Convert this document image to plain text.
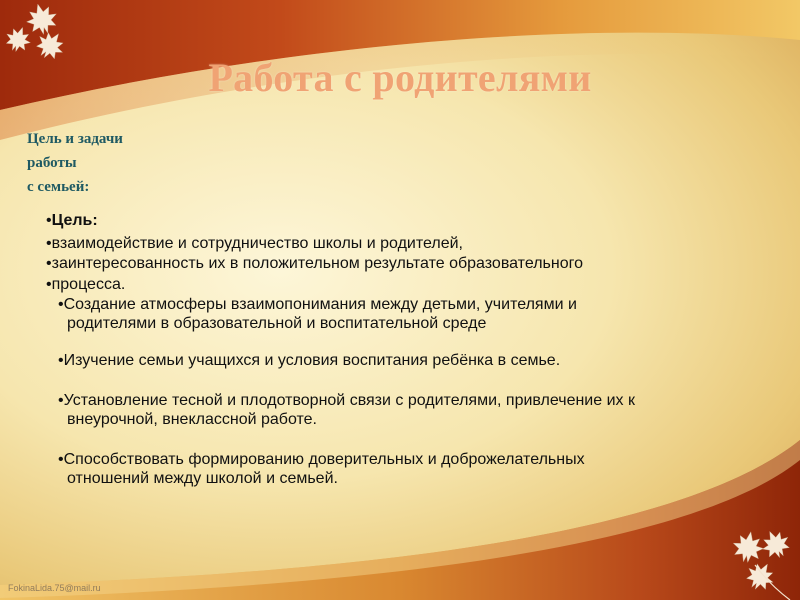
Работа с родителями
Цель и задачи
работы
с семьей:

•Цель:

•взаимодействие и сотрудничество школы и родителей,

•заинтересованность их в положительном результате образовательного

•процесса.

•Создание атмосферы взаимопонимания между детьми, учителями и

родителями в образовательной и воспитательной среде

•Изучение семьи учащихся и условия воспитания ребёнка в семье.

•Установление тесной и плодотворной связи с родителями, привлечение их к

внеурочной, внеклассной работе.

•Способствовать формированию доверительных и доброжелательных

отношений между школой и семьей.

FokinaLida.75@mail.ru
